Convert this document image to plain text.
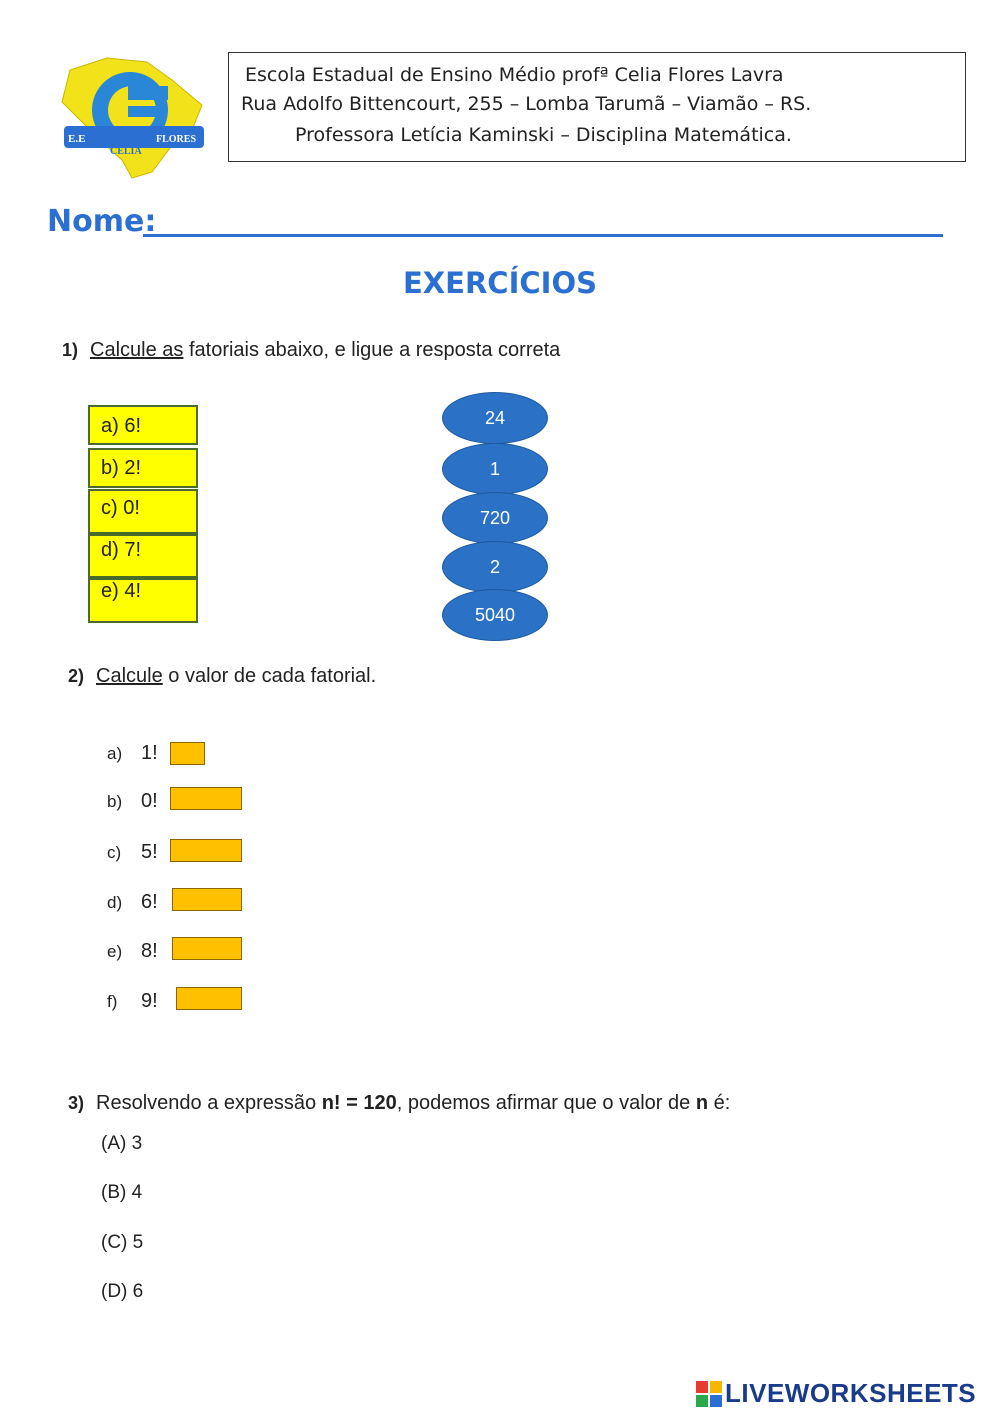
E.E
CELIA
FLORES
Escola Estadual de Ensino Médio profª Celia Flores Lavra
Rua Adolfo Bittencourt, 255 – Lomba Tarumã – Viamão – RS.
Professora Letícia Kaminski – Disciplina Matemática.
Nome:
EXERCÍCIOS
1) Calcule as fatoriais abaixo, e ligue a resposta correta
a) 6!
b) 2!
c) 0!
d) 7!
e) 4!
24
1
720
2
5040
2) Calcule o valor de cada fatorial.
a) 1!
b) 0!
c) 5!
d) 6!
e) 8!
f) 9!
3) Resolvendo a expressão n! = 120, podemos afirmar que o valor de n é:
(A) 3
(B) 4
(C) 5
(D) 6
LIVEWORKSHEETS
